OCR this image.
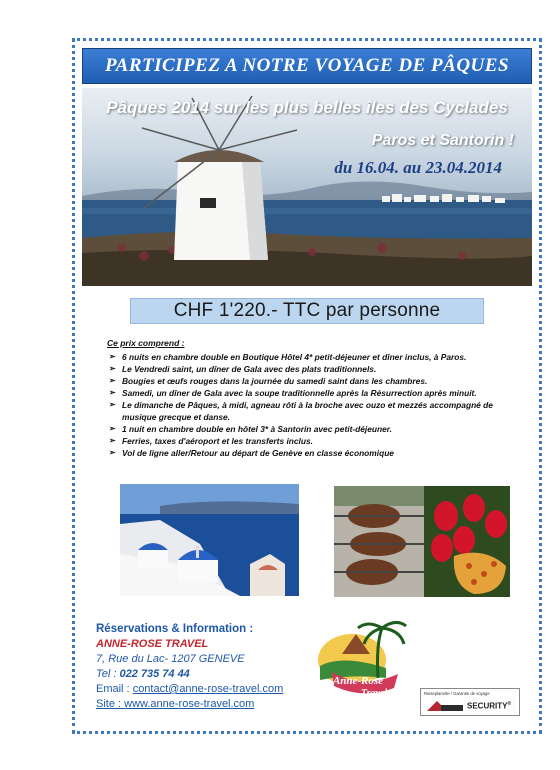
PARTICIPEZ A NOTRE VOYAGE DE PÂQUES
Pâques 2014 sur les plus belles îles des Cyclades
Paros et Santorin !
du 16.04. au 23.04.2014
CHF 1'220.- TTC par personne
Ce prix comprend :
➢ 6 nuits en chambre double en Boutique Hôtel 4* petit-déjeuner et dîner inclus, à Paros.
➢ Le Vendredi saint, un dîner de Gala avec des plats traditionnels.
➢ Bougies et œufs rouges dans la journée du samedi saint dans les chambres.
➢ Samedi, un dîner de Gala avec la soupe traditionnelle après la Résurrection après minuit.
➢ Le dimanche de Pâques, à midi, agneau rôti à la broche avec ouzo et mezzés accompagné de musique grecque et danse.
➢ 1 nuit en chambre double en hôtel 3* à Santorin avec petit-déjeuner.
➢ Ferries, taxes d'aéroport et les transferts inclus.
➢ Vol de ligne aller/Retour au départ de Genève en classe économique
Réservations & Information :
ANNE-ROSE TRAVEL
7, Rue du Lac- 1207 GENEVE
Tel : 022 735 74 44
Email : contact@anne-rose-travel.com
Site : www.anne-rose-travel.com
Anne-Rose
Travel	Reiseplanette / Garantie de voyage
SECURITY®
